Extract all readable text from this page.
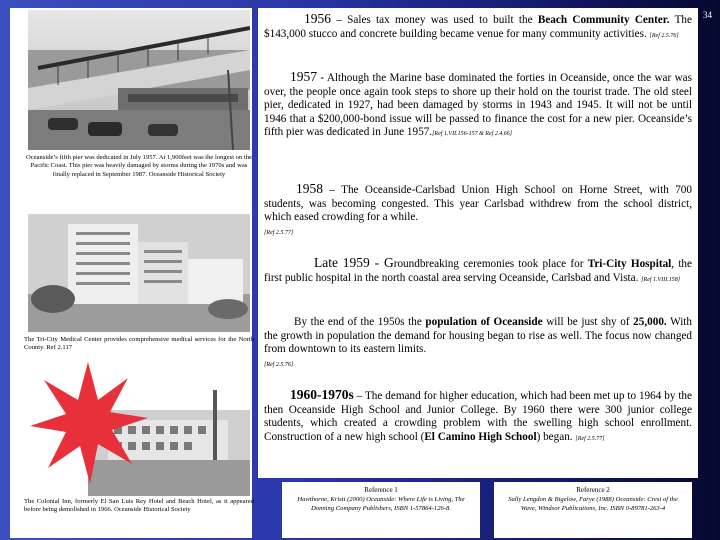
34
Oceanside’s fifth pier was dedicated in July 1957. At 1,900feet was the longest on the Pacific Coast. This pier was heavily damaged by storms during the 1970s and was finally replaced in September 1987. Oceanside Historical Society
The Tri-City Medical Center provides comprehensive medical services for the North County. Ref 2.117
The Colonial Inn, formerly El San Luis Rey Hotel and Beach Hotel, as it appeared before being demolished in 1966. Oceanside Historical Society
1956 – Sales tax money was used to built the Beach Community Center. The $143,000 stucco and concrete building became venue for many community activities. [Ref 2.5.76]
1957 - Although the Marine base dominated the forties in Oceanside, once the war was over, the people once again took steps to shore up their hold on the tourist trade. The old steel pier, dedicated in 1927, had been damaged by storms in 1943 and 1945. It will not be until 1946 that a $200,000-bond issue will be passed to finance the cost for a new pier. Oceanside’s fifth pier was dedicated in June 1957.[Ref 1.VII.156-157 & Ref 2.4.66]
1958 – The Oceanside-Carlsbad Union High School on Horne Street, with 700 students, was becoming congested. This year Carlsbad withdrew from the school district, which eased crowding for a while.
[Ref 2.5.77]
Late 1959 - Groundbreaking ceremonies took place for Tri-City Hospital, the first public hospital in the north coastal area serving Oceanside, Carlsbad and Vista. [Ref 1.VIII.158]
By the end of the 1950s the population of Oceanside will be just shy of 25,000. With the growth in population the demand for housing began to rise as well. The focus now changed from downtown to its eastern limits.
[Ref 2.5.76]
1960-1970s – The demand for higher education, which had been met up to 1964 by the then Oceanside High School and Junior College. By 1960 there were 300 junior college students, which created a crowding problem with the swelling high school enrollment. Construction of a new high school (El Camino High School) began. [Ref 2.5.77]
Reference 1
Hawthorne, Kristi (2000) Oceanside: Where Life is Living, The Donning Company Publishers, ISBN 1-57864-126-8.
Reference 2
Sally Lengdon & Bigelow, Farye (1988) Oceanside: Crest of the Wave, Windsor Publications, Inc. ISBN 0-89781-263-4
